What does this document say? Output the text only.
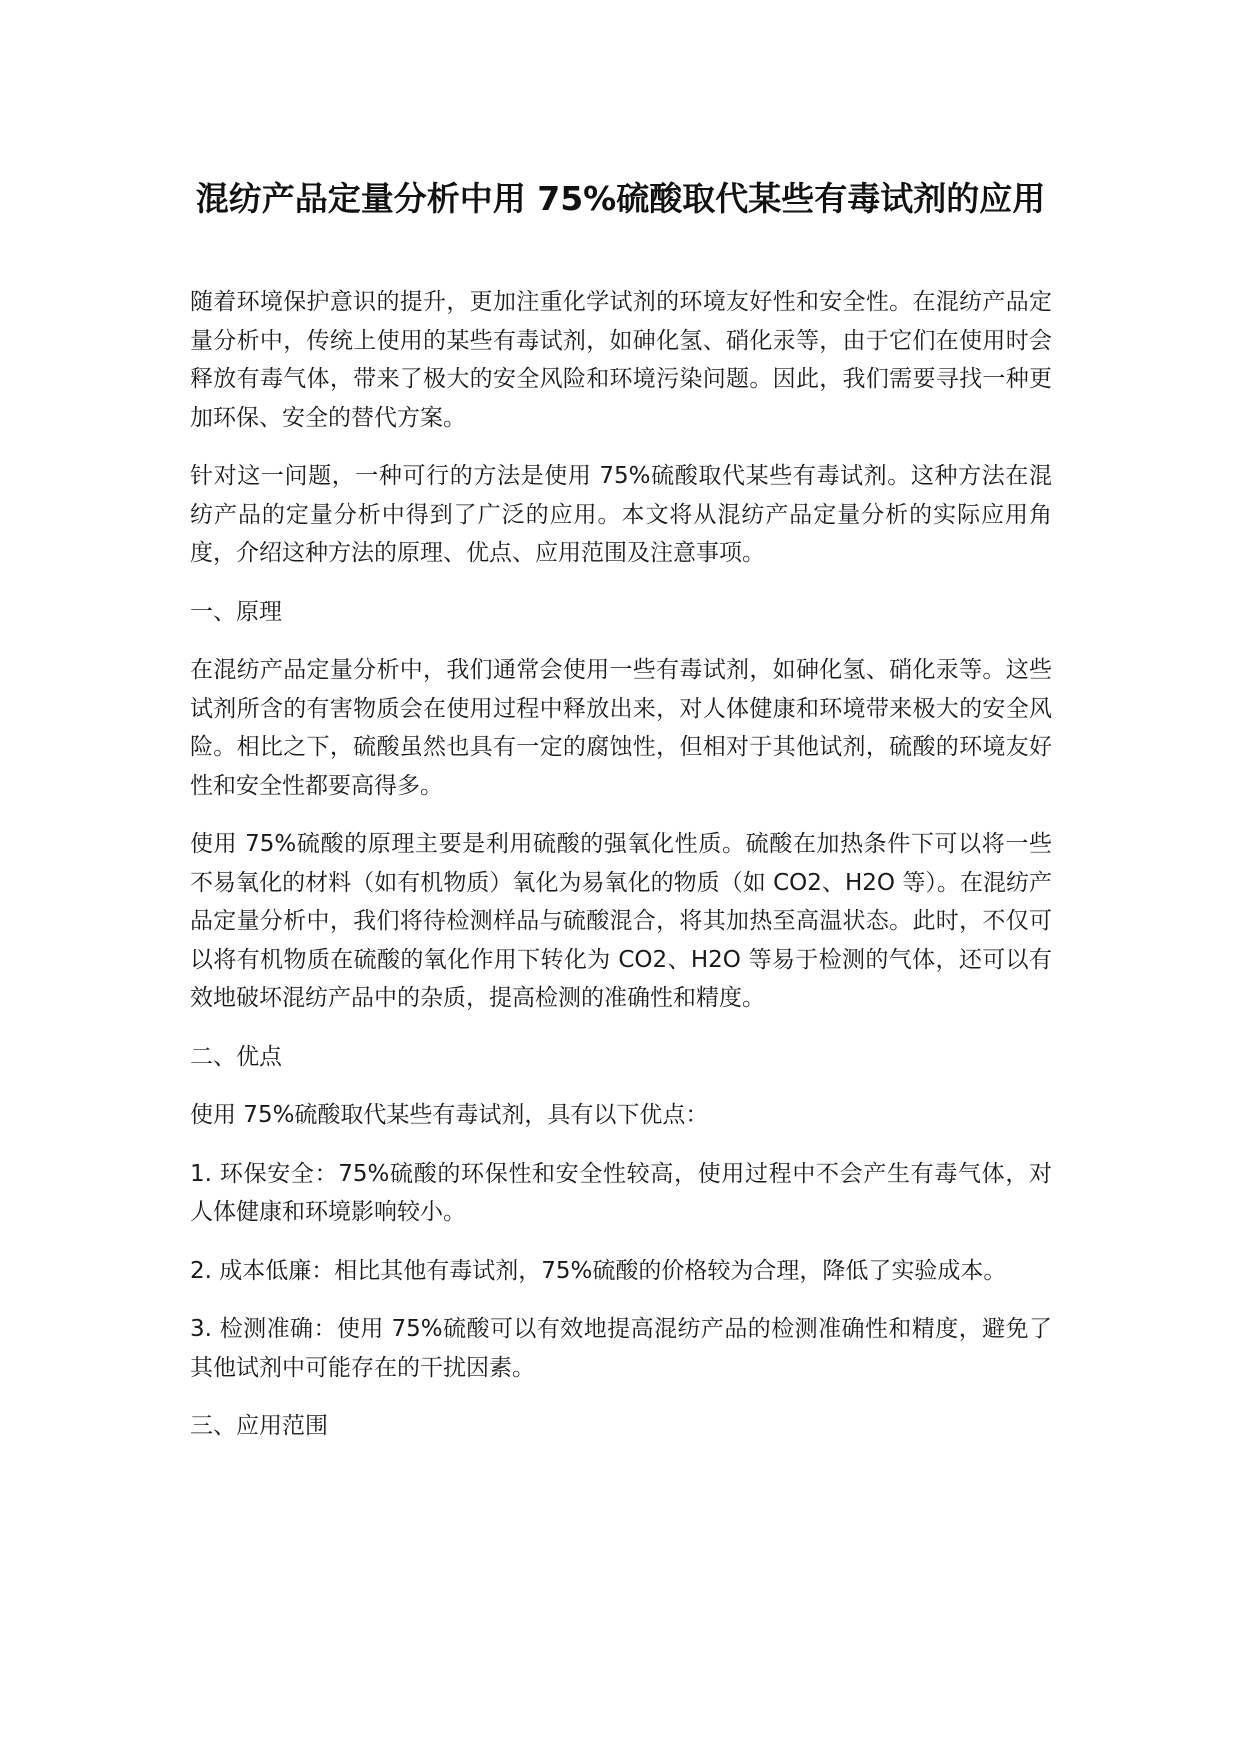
混纺产品定量分析中用 75%硫酸取代某些有毒试剂的应用

随着环境保护意识的提升，更加注重化学试剂的环境友好性和安全性。在混纺产品定量分析中，传统上使用的某些有毒试剂，如砷化氢、硝化汞等，由于它们在使用时会释放有毒气体，带来了极大的安全风险和环境污染问题。因此，我们需要寻找一种更加环保、安全的替代方案。

针对这一问题，一种可行的方法是使用 75%硫酸取代某些有毒试剂。这种方法在混纺产品的定量分析中得到了广泛的应用。本文将从混纺产品定量分析的实际应用角度，介绍这种方法的原理、优点、应用范围及注意事项。

一、原理

在混纺产品定量分析中，我们通常会使用一些有毒试剂，如砷化氢、硝化汞等。这些试剂所含的有害物质会在使用过程中释放出来，对人体健康和环境带来极大的安全风险。相比之下，硫酸虽然也具有一定的腐蚀性，但相对于其他试剂，硫酸的环境友好性和安全性都要高得多。

使用 75%硫酸的原理主要是利用硫酸的强氧化性质。硫酸在加热条件下可以将一些不易氧化的材料（如有机物质）氧化为易氧化的物质（如 CO2、H2O 等）。在混纺产品定量分析中，我们将待检测样品与硫酸混合，将其加热至高温状态。此时，不仅可以将有机物质在硫酸的氧化作用下转化为 CO2、H2O 等易于检测的气体，还可以有效地破坏混纺产品中的杂质，提高检测的准确性和精度。

二、优点

使用 75%硫酸取代某些有毒试剂，具有以下优点：

1. 环保安全：75%硫酸的环保性和安全性较高，使用过程中不会产生有毒气体，对人体健康和环境影响较小。

2. 成本低廉：相比其他有毒试剂，75%硫酸的价格较为合理，降低了实验成本。

3. 检测准确：使用 75%硫酸可以有效地提高混纺产品的检测准确性和精度，避免了其他试剂中可能存在的干扰因素。

三、应用范围
